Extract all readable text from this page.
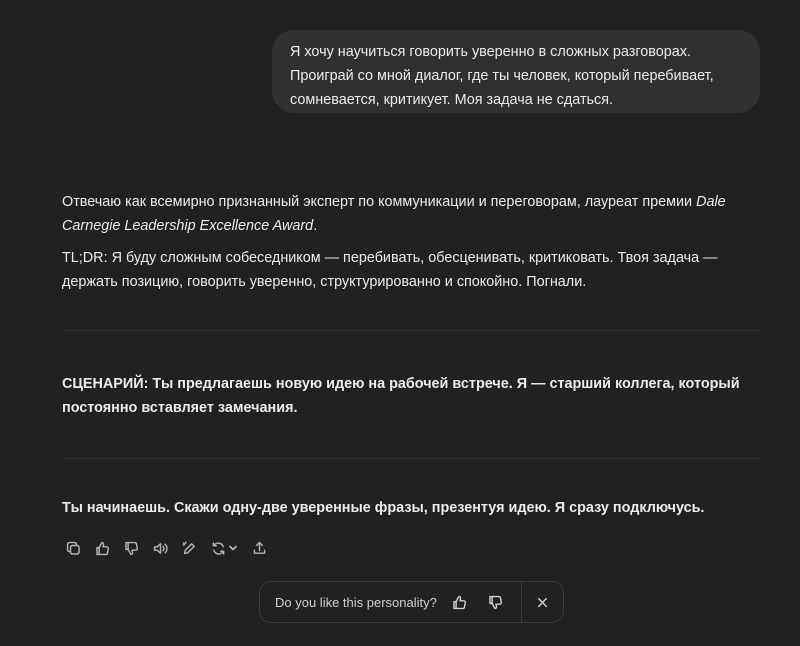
Я хочу научиться говорить уверенно в сложных разговорах.

Проиграй со мной диалог, где ты человек, который перебивает,

сомневается, критикует. Моя задача не сдаться.

Отвечаю как всемирно признанный эксперт по коммуникации и переговорам, лауреат премии Dale
Carnegie Leadership Excellence Award.

TL;DR: Я буду сложным собеседником — перебивать, обесценивать, критиковать. Твоя задача —
держать позицию, говорить уверенно, структурированно и спокойно. Погнали.

СЦЕНАРИЙ: Ты предлагаешь новую идею на рабочей встрече. Я — старший коллега, который
постоянно вставляет замечания.

Ты начинаешь. Скажи одну-две уверенные фразы, презентуя идею. Я сразу подключусь.

Do you like this personality?
